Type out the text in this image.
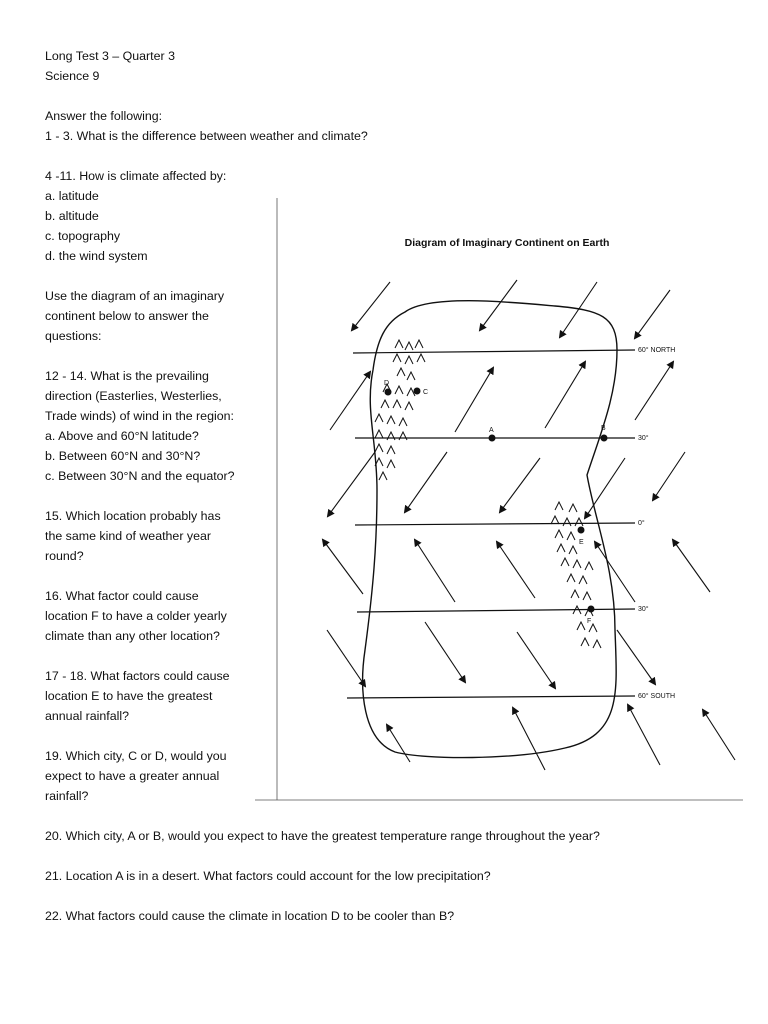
Long Test 3 – Quarter 3
Science 9
Answer the following:
1 - 3. What is the difference between weather and climate?
4 -11. How is climate affected by:
a. latitude
b. altitude
c. topography
d. the wind system
Use the diagram of an imaginary
continent below to answer the
questions:
12 - 14. What is the prevailing
direction (Easterlies, Westerlies,
Trade winds) of wind in the region:
a. Above and 60°N latitude?
b. Between 60°N and 30°N?
c. Between 30°N and the equator?
15. Which location probably has
the same kind of weather year
round?
16. What factor could cause
location F to have a colder yearly
climate than any other location?
17 - 18. What factors could cause
location E to have the greatest
annual rainfall?
19. Which city, C or D, would you
expect to have a greater annual
rainfall?
20. Which city, A or B, would you expect to have the greatest temperature range throughout the year?
21. Location A is in a desert. What factors could account for the low precipitation?
22. What factors could cause the climate in location D to be cooler than B?
Diagram of Imaginary Continent on Earth
60° NORTH
30°
0°
30°
60° SOUTH
D
C
A	B
E
F
